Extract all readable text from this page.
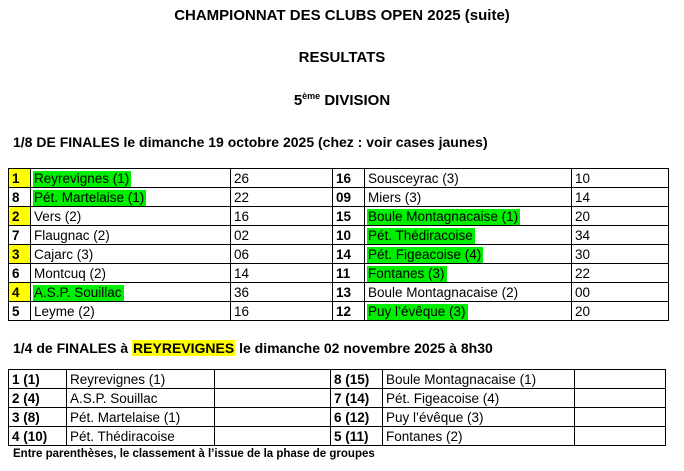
CHAMPIONNAT DES CLUBS OPEN 2025 (suite)
RESULTATS
5ème DIVISION
1/8 DE FINALES le dimanche 19 octobre 2025 (chez : voir cases jaunes)
1	Reyrevignes (1)	26	16	Sousceyrac (3)	10
8	Pét. Martelaise (1)	22	09	Miers (3)	14
2	Vers (2)	16	15	Boule Montagnacaise (1)	20
7	Flaugnac (2)	02	10	Pét. Thédiracoise	34
3	Cajarc (3)	06	14	Pét. Figeacoise (4)	30
6	Montcuq (2)	14	11	Fontanes (3)	22
4	A.S.P. Souillac	36	13	Boule Montagnacaise (2)	00
5	Leyme (2)	16	12	Puy l’évêque (3)	20
1/4 de FINALES à REYREVIGNES le dimanche 02 novembre 2025 à 8h30
1 (1)	Reyrevignes (1)		8 (15)	Boule Montagnacaise (1)	
2 (4)	A.S.P. Souillac		7 (14)	Pét. Figeacoise (4)	
3 (8)	Pét. Martelaise (1)		6 (12)	Puy l’évêque (3)	
4 (10)	Pét. Thédiracoise		5 (11)	Fontanes (2)	
Entre parenthèses, le classement à l’issue de la phase de groupes
